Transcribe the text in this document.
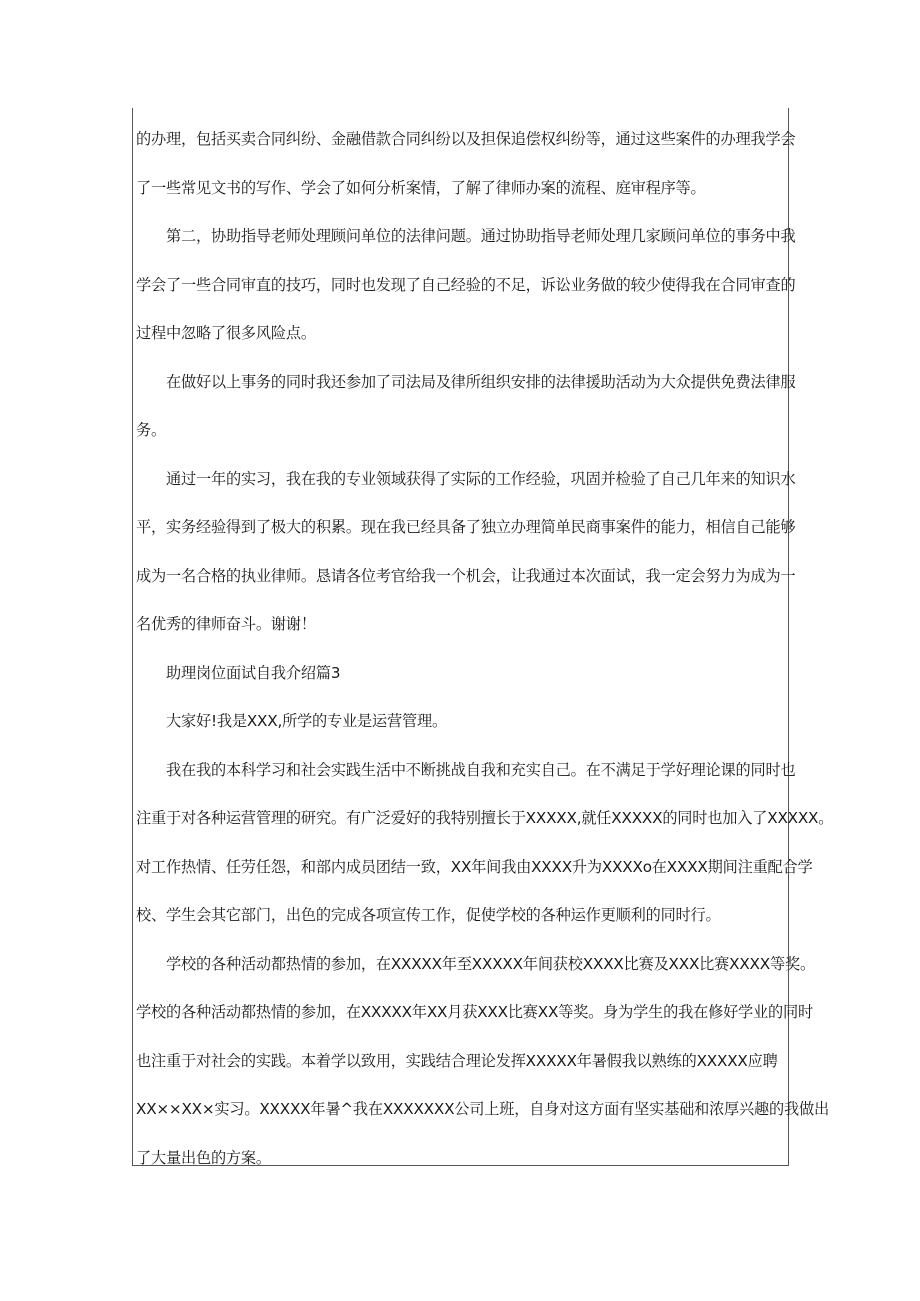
的办理，包括买卖合同纠纷、金融借款合同纠纷以及担保追偿权纠纷等，通过这些案件的办理我学会
了一些常见文书的写作、学会了如何分析案情，了解了律师办案的流程、庭审程序等。
第二，协助指导老师处理顾问单位的法律问题。通过协助指导老师处理几家顾问单位的事务中我
学会了一些合同审直的技巧，同时也发现了自己经验的不足，诉讼业务做的较少使得我在合同审查的
过程中忽略了很多风险点。
在做好以上事务的同时我还参加了司法局及律所组织安排的法律援助活动为大众提供免费法律服
务。
通过一年的实习，我在我的专业领域获得了实际的工作经验，巩固并检验了自己几年来的知识水
平，实务经验得到了极大的积累。现在我已经具备了独立办理简单民商事案件的能力，相信自己能够
成为一名合格的执业律师。恳请各位考官给我一个机会，让我通过本次面试，我一定会努力为成为一
名优秀的律师奋斗。谢谢！
助理岗位面试自我介绍篇3
大家好!我是XXX,所学的专业是运营管理。
我在我的本科学习和社会实践生活中不断挑战自我和充实自己。在不满足于学好理论课的同时也
注重于对各种运营管理的研究。有广泛爱好的我特别擅长于XXXXX,就任XXXXX的同时也加入了XXXXX。
对工作热情、任劳任怨，和部内成员团结一致，XX年间我由XXXX升为XXXXo在XXXX期间注重配合学
校、学生会其它部门，出色的完成各项宣传工作，促使学校的各种运作更顺利的同时行。
学校的各种活动都热情的参加，在XXXXX年至XXXXX年间获校XXXX比赛及XXX比赛XXXX等奖。
学校的各种活动都热情的参加，在XXXXX年XX月获XXX比赛XX等奖。身为学生的我在修好学业的同时
也注重于对社会的实践。本着学以致用，实践结合理论发挥XXXXX年暑假我以熟练的XXXXX应聘
XX××XX×实习。XXXXX年暑^我在XXXXXXX公司上班，自身对这方面有坚实基础和浓厚兴趣的我做出
了大量出色的方案。
